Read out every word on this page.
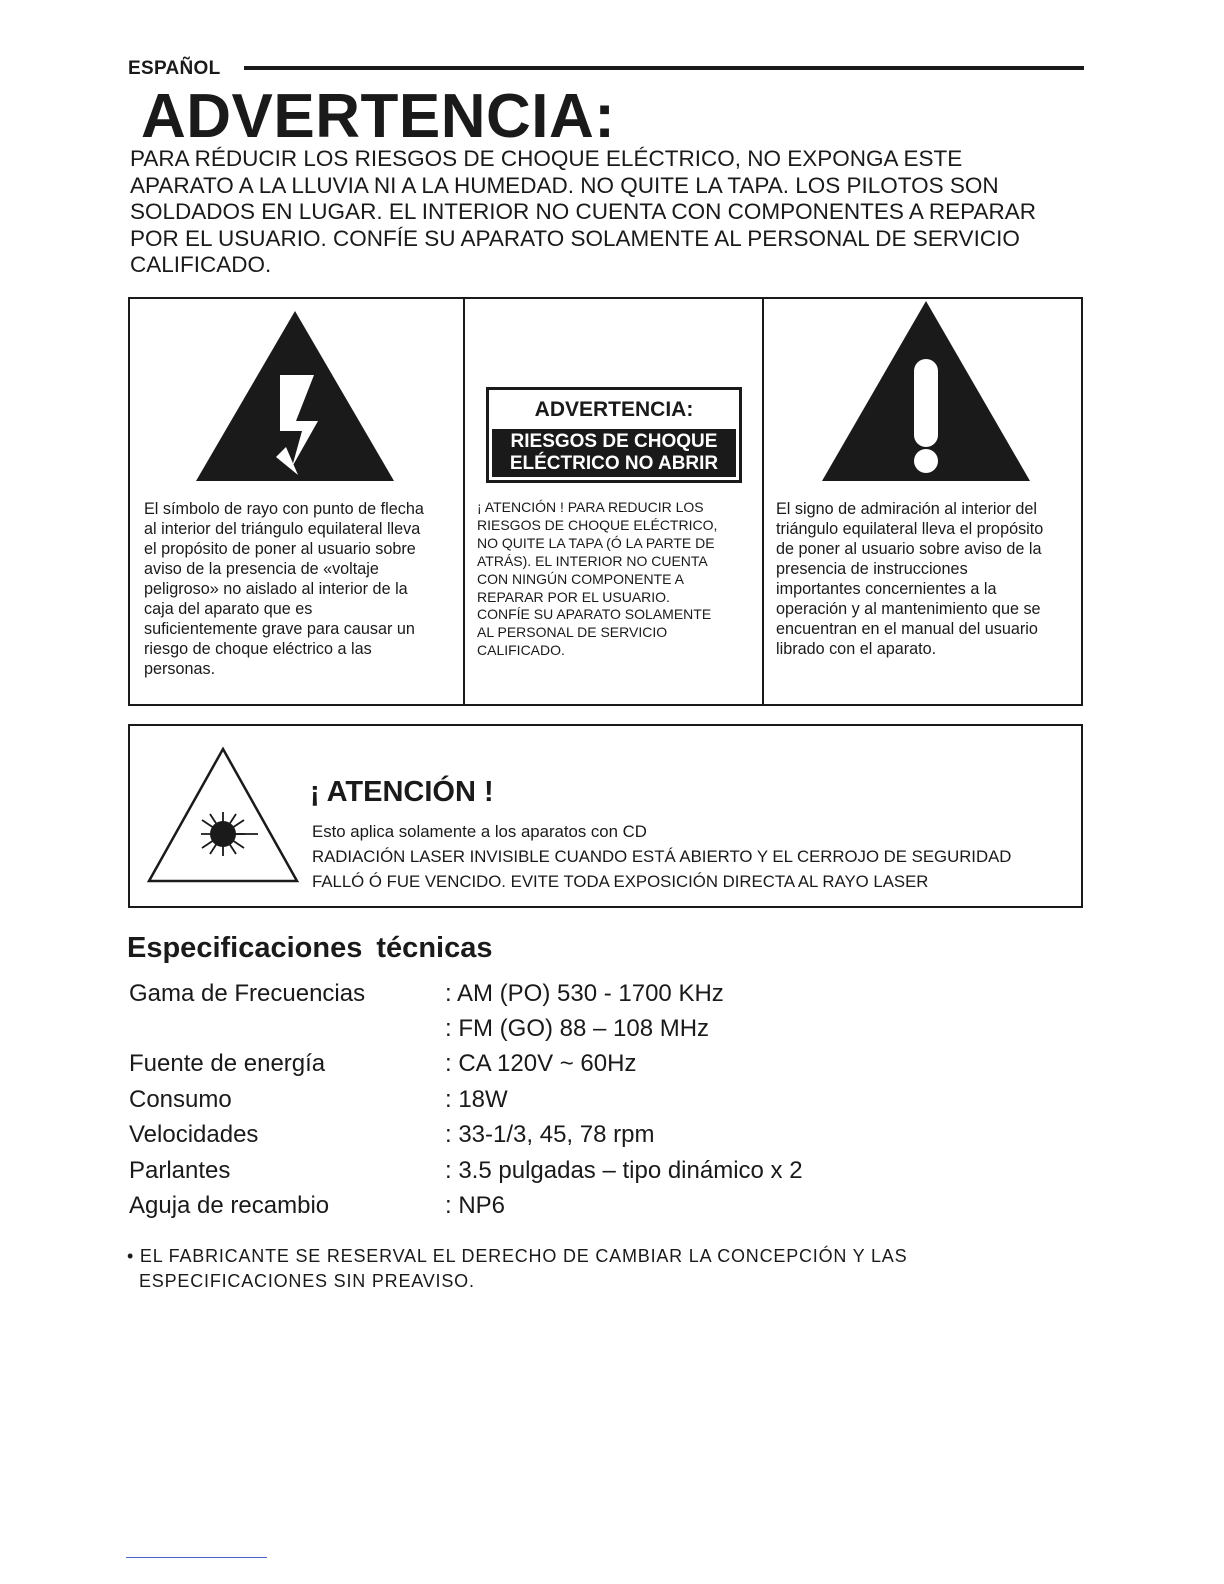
ESPAÑOL
ADVERTENCIA:
PARA RÉDUCIR LOS RIESGOS DE CHOQUE ELÉCTRICO, NO EXPONGA ESTE
APARATO A LA LLUVIA NI A LA HUMEDAD. NO QUITE LA TAPA. LOS PILOTOS SON
SOLDADOS EN LUGAR. EL INTERIOR NO CUENTA CON COMPONENTES A REPARAR
POR EL USUARIO. CONFÍE SU APARATO SOLAMENTE AL PERSONAL DE SERVICIO
CALIFICADO.
ADVERTENCIA:
RIESGOS DE CHOQUE
ELÉCTRICO NO ABRIR
El símbolo de rayo con punto de flecha
al interior del triángulo equilateral lleva
el propósito de poner al usuario sobre
aviso de la presencia de «voltaje
peligroso» no aislado al interior de la
caja del aparato que es
suficientemente grave para causar un
riesgo de choque eléctrico a las
personas.
¡ ATENCIÓN ! PARA REDUCIR LOS
RIESGOS DE CHOQUE ELÉCTRICO,
NO QUITE LA TAPA (Ó LA PARTE DE
ATRÁS). EL INTERIOR NO CUENTA
CON NINGÚN COMPONENTE A
REPARAR POR EL USUARIO.
CONFÍE SU APARATO SOLAMENTE
AL PERSONAL DE SERVICIO
CALIFICADO.
El signo de admiración al interior del
triángulo equilateral lleva el propósito
de poner al usuario sobre aviso de la
presencia de instrucciones
importantes concernientes a la
operación y al mantenimiento que se
encuentran en el manual del usuario
librado con el aparato.
¡ ATENCIÓN !
Esto aplica solamente a los aparatos con CD
RADIACIÓN LASER INVISIBLE CUANDO ESTÁ ABIERTO Y EL CERROJO DE SEGURIDAD
FALLÓ Ó FUE VENCIDO. EVITE TODA EXPOSICIÓN DIRECTA AL RAYO LASER
Especificaciones técnicas
Gama de Frecuencias	: AM (PO) 530 - 1700 KHz
: FM (GO) 88 – 108 MHz
Fuente de energía	: CA 120V ~ 60Hz
Consumo	: 18W
Velocidades	: 33-1/3, 45, 78 rpm
Parlantes	: 3.5 pulgadas – tipo dinámico x 2
Aguja de recambio	: NP6
• EL FABRICANTE SE RESERVAL EL DERECHO DE CAMBIAR LA CONCEPCIÓN Y LAS
ESPECIFICACIONES SIN PREAVISO.
